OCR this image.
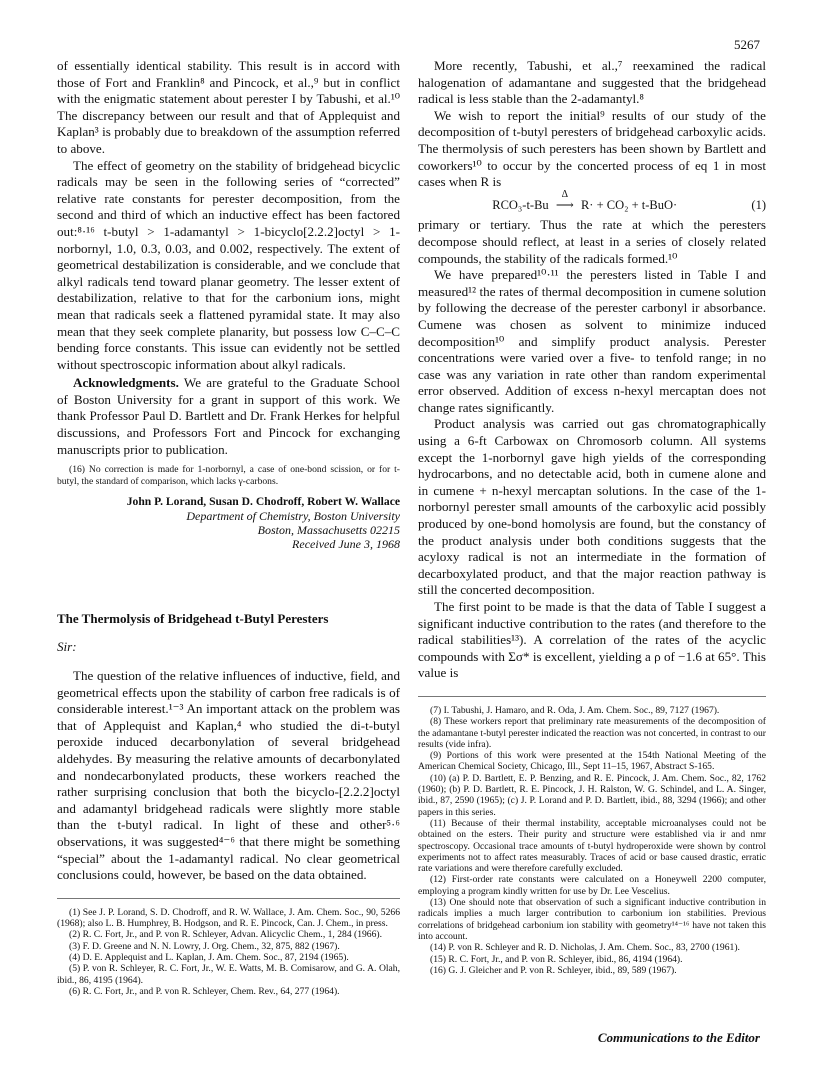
5267

of essentially identical stability. This result is in accord with those of Fort and Franklin⁸ and Pincock, et al.,⁹ but in conflict with the enigmatic statement about perester I by Tabushi, et al.¹⁰ The discrepancy between our result and that of Applequist and Kaplan³ is probably due to breakdown of the assumption referred to above.

The effect of geometry on the stability of bridgehead bicyclic radicals may be seen in the following series of “corrected” relative rate constants for perester decomposition, from the second and third of which an inductive effect has been factored out:⁸·¹⁶ t-butyl > 1-adamantyl > 1-bicyclo[2.2.2]octyl > 1-norbornyl, 1.0, 0.3, 0.03, and 0.002, respectively. The extent of geometrical destabilization is considerable, and we conclude that alkyl radicals tend toward planar geometry. The lesser extent of destabilization, relative to that for the carbonium ions, might mean that radicals seek a flattened pyramidal state. It may also mean that they seek complete planarity, but possess low C–C–C bending force constants. This issue can evidently not be settled without spectroscopic information about alkyl radicals.

Acknowledgments. We are grateful to the Graduate School of Boston University for a grant in support of this work. We thank Professor Paul D. Bartlett and Dr. Frank Herkes for helpful discussions, and Professors Fort and Pincock for exchanging manuscripts prior to publication.

(16) No correction is made for 1-norbornyl, a case of one-bond scission, or for t-butyl, the standard of comparison, which lacks γ-carbons.

John P. Lorand, Susan D. Chodroff, Robert W. Wallace
Department of Chemistry, Boston University
Boston, Massachusetts 02215
Received June 3, 1968
The Thermolysis of Bridgehead t-Butyl Peresters
Sir:

The question of the relative influences of inductive, field, and geometrical effects upon the stability of carbon free radicals is of considerable interest.¹⁻³ An important attack on the problem was that of Applequist and Kaplan,⁴ who studied the di-t-butyl peroxide induced decarbonylation of several bridgehead aldehydes. By measuring the relative amounts of decarbonylated and nondecarbonylated products, these workers reached the rather surprising conclusion that both the bicyclo-[2.2.2]octyl and adamantyl bridgehead radicals were slightly more stable than the t-butyl radical. In light of these and other⁵·⁶ observations, it was suggested⁴⁻⁶ that there might be something “special” about the 1-adamantyl radical. No clear geometrical conclusions could, however, be based on the data obtained.

(1) See J. P. Lorand, S. D. Chodroff, and R. W. Wallace, J. Am. Chem. Soc., 90, 5266 (1968); also L. B. Humphrey, B. Hodgson, and R. E. Pincock, Can. J. Chem., in press.

(2) R. C. Fort, Jr., and P. von R. Schleyer, Advan. Alicyclic Chem., 1, 284 (1966).

(3) F. D. Greene and N. N. Lowry, J. Org. Chem., 32, 875, 882 (1967).

(4) D. E. Applequist and L. Kaplan, J. Am. Chem. Soc., 87, 2194 (1965).

(5) P. von R. Schleyer, R. C. Fort, Jr., W. E. Watts, M. B. Comisarow, and G. A. Olah, ibid., 86, 4195 (1964).

(6) R. C. Fort, Jr., and P. von R. Schleyer, Chem. Rev., 64, 277 (1964).

More recently, Tabushi, et al.,⁷ reexamined the radical halogenation of adamantane and suggested that the bridgehead radical is less stable than the 2-adamantyl.⁸

We wish to report the initial⁹ results of our study of the decomposition of t-butyl peresters of bridgehead carboxylic acids. The thermolysis of such peresters has been shown by Bartlett and coworkers¹⁰ to occur by the concerted process of eq 1 in most cases when R is

RCO₃-t-Bu
Δ
⟶ R· + CO₂ + t-BuO·	(1)

primary or tertiary. Thus the rate at which the peresters decompose should reflect, at least in a series of closely related compounds, the stability of the radicals formed.¹⁰

We have prepared¹⁰·¹¹ the peresters listed in Table I and measured¹² the rates of thermal decomposition in cumene solution by following the decrease of the perester carbonyl ir absorbance. Cumene was chosen as solvent to minimize induced decomposition¹⁰ and simplify product analysis. Perester concentrations were varied over a five- to tenfold range; in no case was any variation in rate other than random experimental error observed. Addition of excess n-hexyl mercaptan does not change rates significantly.

Product analysis was carried out gas chromatographically using a 6-ft Carbowax on Chromosorb column. All systems except the 1-norbornyl gave high yields of the corresponding hydrocarbons, and no detectable acid, both in cumene alone and in cumene + n-hexyl mercaptan solutions. In the case of the 1-norbornyl perester small amounts of the carboxylic acid possibly produced by one-bond homolysis are found, but the constancy of the product analysis under both conditions suggests that the acyloxy radical is not an intermediate in the formation of decarboxylated product, and that the major reaction pathway is still the concerted decomposition.

The first point to be made is that the data of Table I suggest a significant inductive contribution to the rates (and therefore to the radical stabilities¹³). A correlation of the rates of the acyclic compounds with Σσ* is excellent, yielding a ρ of −1.6 at 65°. This value is

(7) I. Tabushi, J. Hamaro, and R. Oda, J. Am. Chem. Soc., 89, 7127 (1967).

(8) These workers report that preliminary rate measurements of the decomposition of the adamantane t-butyl perester indicated the reaction was not concerted, in contrast to our results (vide infra).

(9) Portions of this work were presented at the 154th National Meeting of the American Chemical Society, Chicago, Ill., Sept 11–15, 1967, Abstract S-165.

(10) (a) P. D. Bartlett, E. P. Benzing, and R. E. Pincock, J. Am. Chem. Soc., 82, 1762 (1960); (b) P. D. Bartlett, R. E. Pincock, J. H. Ralston, W. G. Schindel, and L. A. Singer, ibid., 87, 2590 (1965); (c) J. P. Lorand and P. D. Bartlett, ibid., 88, 3294 (1966); and other papers in this series.

(11) Because of their thermal instability, acceptable microanalyses could not be obtained on the esters. Their purity and structure were established via ir and nmr spectroscopy. Occasional trace amounts of t-butyl hydroperoxide were shown by control experiments not to affect rates measurably. Traces of acid or base caused drastic, erratic rate variations and were therefore carefully excluded.

(12) First-order rate constants were calculated on a Honeywell 2200 computer, employing a program kindly written for use by Dr. Lee Vescelius.

(13) One should note that observation of such a significant inductive contribution in radicals implies a much larger contribution to carbonium ion stabilities. Previous correlations of bridgehead carbonium ion stability with geometry¹⁴⁻¹⁶ have not taken this into account.

(14) P. von R. Schleyer and R. D. Nicholas, J. Am. Chem. Soc., 83, 2700 (1961).

(15) R. C. Fort, Jr., and P. von R. Schleyer, ibid., 86, 4194 (1964).

(16) G. J. Gleicher and P. von R. Schleyer, ibid., 89, 589 (1967).

Communications to the Editor
